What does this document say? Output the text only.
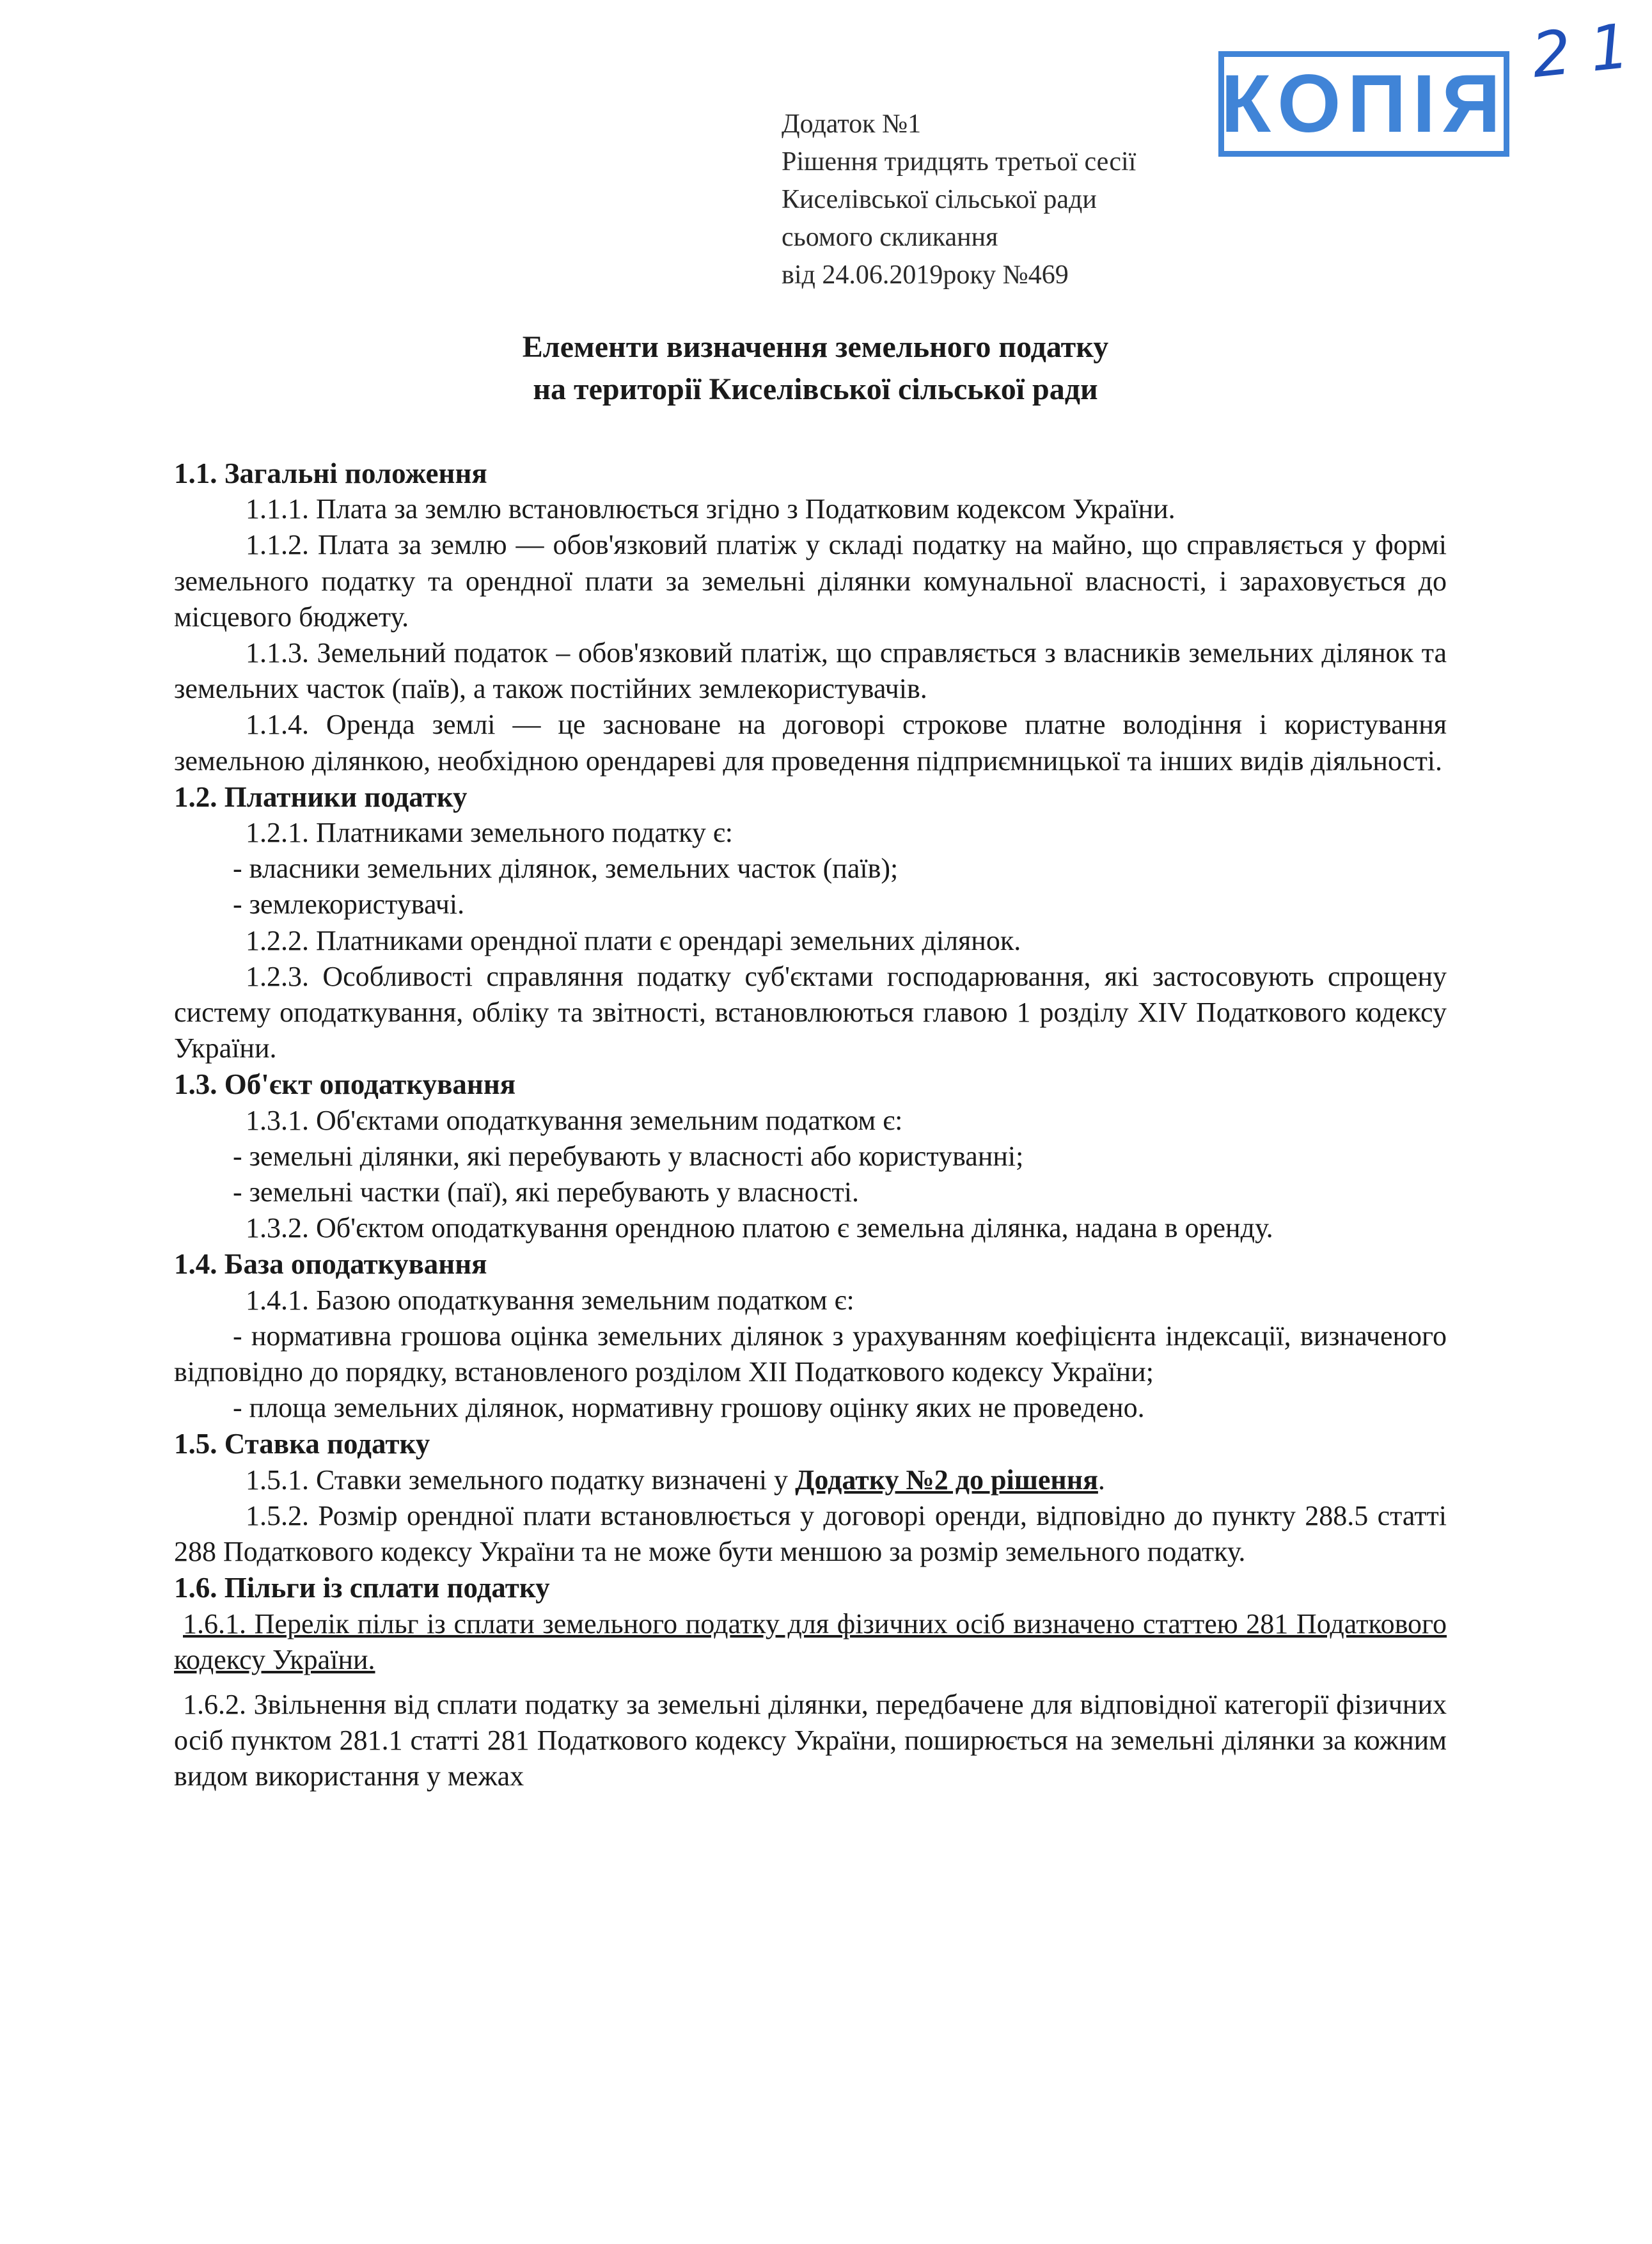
21
КОПІЯ
Додаток №1
Рішення тридцять третьої сесії
Киселівської сільської ради
сьомого скликання
від 24.06.2019року №469
Елементи визначення земельного податку
на території Киселівської сільської ради
1.1. Загальні положення

1.1.1. Плата за землю встановлюється згідно з Податковим кодексом України.

1.1.2. Плата за землю — обов'язковий платіж у складі податку на майно, що справляється у формі земельного податку та орендної плати за земельні ділянки комунальної власності, і зараховується до місцевого бюджету.

1.1.3. Земельний податок – обов'язковий платіж, що справляється з власників земельних ділянок та земельних часток (паїв), а також постійних землекористувачів.

1.1.4. Оренда землі — це засноване на договорі строкове платне володіння і користування земельною ділянкою, необхідною орендареві для проведення підприємницької та інших видів діяльності.

1.2. Платники податку

1.2.1. Платниками земельного податку є:

- власники земельних ділянок, земельних часток (паїв);

- землекористувачі.

1.2.2. Платниками орендної плати є орендарі земельних ділянок.

1.2.3. Особливості справляння податку суб'єктами господарювання, які застосовують спрощену систему оподаткування, обліку та звітності, встановлюються главою 1 розділу XIV Податкового кодексу України.

1.3. Об'єкт оподаткування

1.3.1. Об'єктами оподаткування земельним податком є:

- земельні ділянки, які перебувають у власності або користуванні;

- земельні частки (паї), які перебувають у власності.

1.3.2. Об'єктом оподаткування орендною платою є земельна ділянка, надана в оренду.

1.4. База оподаткування

1.4.1. Базою оподаткування земельним податком є:

- нормативна грошова оцінка земельних ділянок з урахуванням коефіцієнта індексації, визначеного відповідно до порядку, встановленого розділом XII Податкового кодексу України;

- площа земельних ділянок, нормативну грошову оцінку яких не проведено.

1.5. Ставка податку

1.5.1. Ставки земельного податку визначені у Додатку №2 до рішення.

1.5.2. Розмір орендної плати встановлюється у договорі оренди, відповідно до пункту 288.5 статті 288 Податкового кодексу України та не може бути меншою за розмір земельного податку.

1.6. Пільги із сплати податку

1.6.1. Перелік пільг із сплати земельного податку для фізичних осіб визначено статтею 281 Податкового кодексу України.

1.6.2. Звільнення від сплати податку за земельні ділянки, передбачене для відповідної категорії фізичних осіб пунктом 281.1 статті 281 Податкового кодексу України, поширюється на земельні ділянки за кожним видом використання у межах
